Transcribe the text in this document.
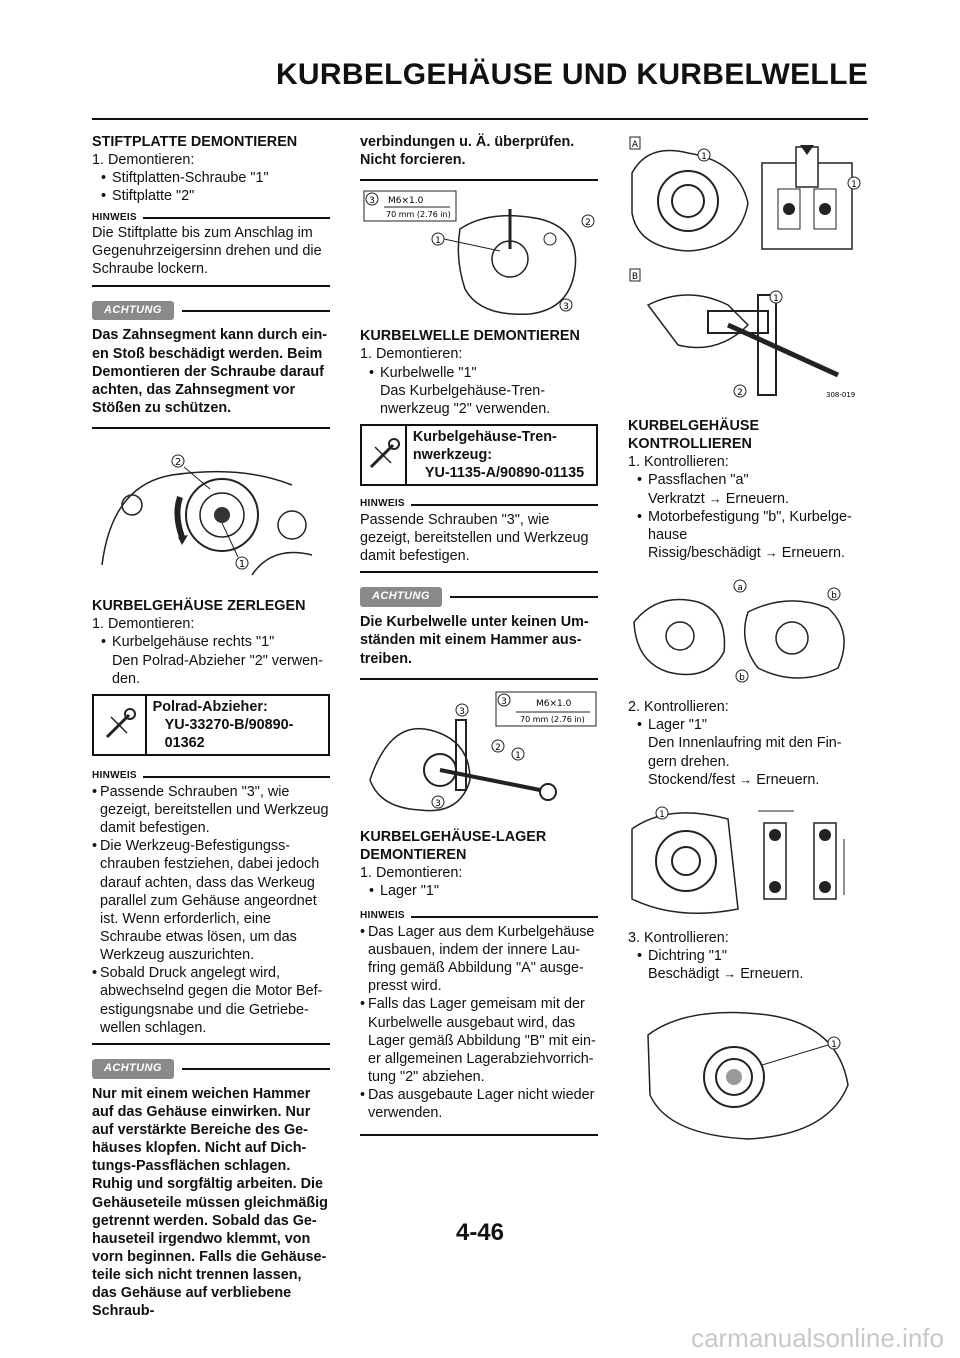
KURBELGEHÄUSE UND KURBELWELLE
STIFTPLATTE DEMONTIEREN
1. Demontieren:
• Stiftplatten-Schraube "1"
• Stiftplatte "2"
HINWEIS
Die Stiftplatte bis zum Anschlag im Gegenuhrzeigersinn drehen und die Schraube lockern.
ACHTUNG
Das Zahnsegment kann durch ein-en Stoß beschädigt werden. Beim Demontieren der Schraube darauf achten, das Zahnsegment vor Stößen zu schützen.
2
1
KURBELGEHÄUSE ZERLEGEN
1. Demontieren:
• Kurbelgehäuse rechts "1"
Den Polrad-Abzieher "2" verwen-den.
Polrad-Abzieher:
YU-33270-B/90890-01362
HINWEIS
• Passende Schrauben "3", wie gezeigt, bereitstellen und Werkzeug damit befestigen.
• Die Werkzeug-Befestigungss-chrauben festziehen, dabei jedoch darauf achten, dass das Werkeug parallel zum Gehäuse angeordnet ist. Wenn erforderlich, eine Schraube etwas lösen, um das Werkzeug auszurichten.
• Sobald Druck angelegt wird, abwechselnd gegen die Motor Bef-estigungsnabe und die Getriebe-wellen schlagen.
ACHTUNG
Nur mit einem weichen Hammer auf das Gehäuse einwirken. Nur auf verstärkte Bereiche des Ge-häuses klopfen. Nicht auf Dich-tungs-Passflächen schlagen. Ruhig und sorgfältig arbeiten. Die Gehäuseteile müssen gleichmäßig getrennt werden. Sobald das Ge-hauseteil irgendwo klemmt, von vorn beginnen. Falls die Gehäuse-teile sich nicht trennen lassen, das Gehäuse auf verbliebene Schraub-
verbindungen u. Ä. überprüfen. Nicht forcieren.
M6×1.0
70 mm (2.76 in)
3
2
1
3
KURBELWELLE DEMONTIEREN
1. Demontieren:
• Kurbelwelle "1"
Das Kurbelgehäuse-Tren-nwerkzeug "2" verwenden.
Kurbelgehäuse-Tren-nwerkzeug:
YU-1135-A/90890-01135
HINWEIS
Passende Schrauben "3", wie gezeigt, bereitstellen und Werkzeug damit befestigen.
ACHTUNG
Die Kurbelwelle unter keinen Um-ständen mit einem Hammer aus-treiben.
3	M6×1.0
70 mm (2.76 in)
3
2
1
3
KURBELGEHÄUSE-LAGER DEMONTIEREN
1. Demontieren:
• Lager "1"
HINWEIS
• Das Lager aus dem Kurbelgehäuse ausbauen, indem der innere Lau-fring gemäß Abbildung "A" ausge-presst wird.
• Falls das Lager gemeisam mit der Kurbelwelle ausgebaut wird, das Lager gemäß Abbildung "B" mit ein-er allgemeinen Lagerabziehvorrich-tung "2" abziehen.
• Das ausgebaute Lager nicht wieder verwenden.
A
1
1
B
1
2	308-019
KURBELGEHÄUSE KONTROLLIEREN
1. Kontrollieren:
• Passflachen "a"
Verkratzt → Erneuern.
• Motorbefestigung "b", Kurbelge-hause
Rissig/beschädigt → Erneuern.
a
b
b
2. Kontrollieren:
• Lager "1"
Den Innenlaufring mit den Fin-gern drehen.
Stockend/fest → Erneuern.
1
3. Kontrollieren:
• Dichtring "1"
Beschädigt → Erneuern.
1
4-46
carmanualsonline.info
